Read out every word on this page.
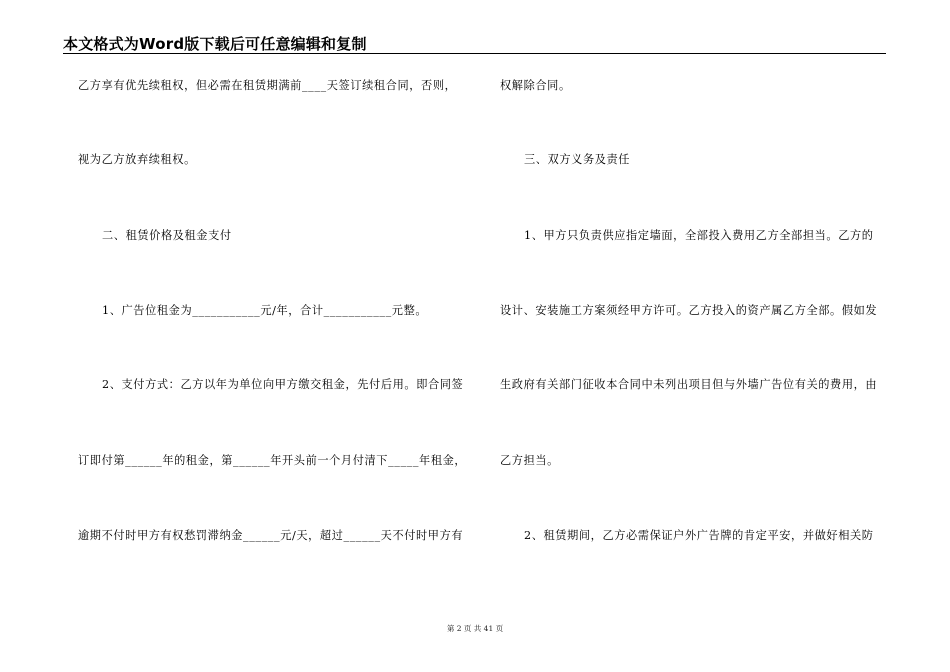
本文格式为Word版下载后可任意编辑和复制
乙方享有优先续租权，但必需在租赁期满前____天签订续租合同，否则，
视为乙方放弃续租权。
二、租赁价格及租金支付
1、广告位租金为___________元/年，合计___________元整。
2、支付方式：乙方以年为单位向甲方缴交租金，先付后用。即合同签
订即付第______年的租金，第______年开头前一个月付清下_____年租金，
逾期不付时甲方有权愁罚滞纳金______元/天，超过______天不付时甲方有
权解除合同。
三、双方义务及责任
1、甲方只负责供应指定墙面，全部投入费用乙方全部担当。乙方的
设计、安装施工方案须经甲方许可。乙方投入的资产属乙方全部。假如发
生政府有关部门征收本合同中未列出项目但与外墙广告位有关的费用，由
乙方担当。
2、租赁期间，乙方必需保证户外广告牌的肯定平安，并做好相关防
第 2 页 共 41 页
